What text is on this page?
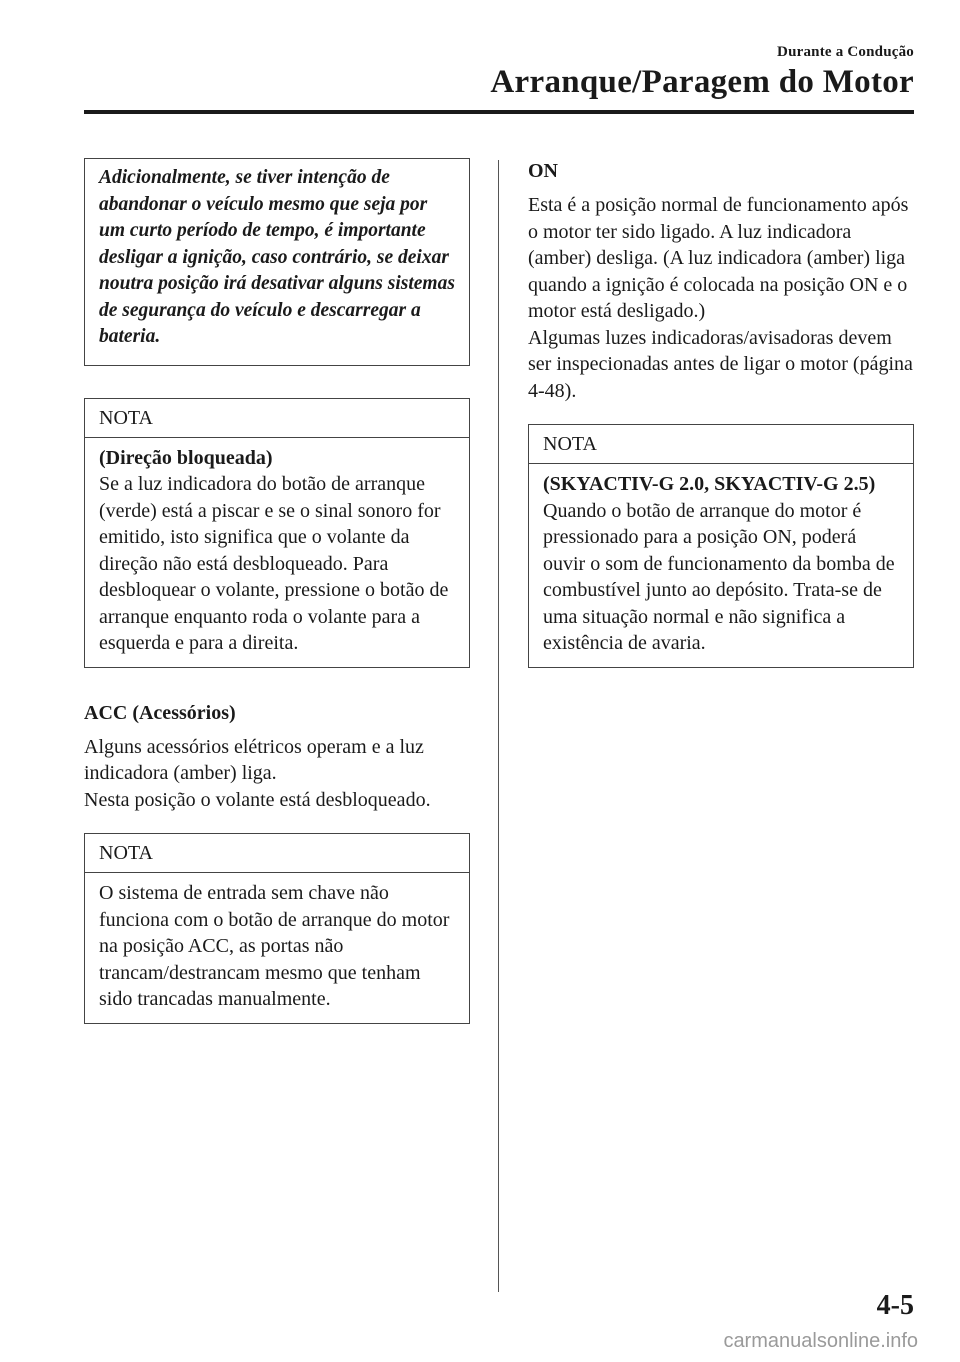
Durante a Condução
Arranque/Paragem do Motor
Adicionalmente, se tiver intenção de abandonar o veículo mesmo que seja por um curto período de tempo, é importante desligar a ignição, caso contrário, se deixar noutra posição irá desativar alguns sistemas de segurança do veículo e descarregar a bateria.
NOTA
(Direção bloqueada)
Se a luz indicadora do botão de arranque (verde) está a piscar e se o sinal sonoro for emitido, isto significa que o volante da direção não está desbloqueado. Para desbloquear o volante, pressione o botão de arranque enquanto roda o volante para a esquerda e para a direita.
ACC (Acessórios)
Alguns acessórios elétricos operam e a luz indicadora (amber) liga.
Nesta posição o volante está desbloqueado.
NOTA
O sistema de entrada sem chave não funciona com o botão de arranque do motor na posição ACC, as portas não trancam/destrancam mesmo que tenham sido trancadas manualmente.
ON
Esta é a posição normal de funcionamento após o motor ter sido ligado. A luz indicadora (amber) desliga. (A luz indicadora (amber) liga quando a ignição é colocada na posição ON e o motor está desligado.)
Algumas luzes indicadoras/avisadoras devem ser inspecionadas antes de ligar o motor (página 4-48).
NOTA
(SKYACTIV-G 2.0, SKYACTIV-G 2.5)
Quando o botão de arranque do motor é pressionado para a posição ON, poderá ouvir o som de funcionamento da bomba de combustível junto ao depósito. Trata-se de uma situação normal e não significa a existência de avaria.
4-5
carmanualsonline.info
